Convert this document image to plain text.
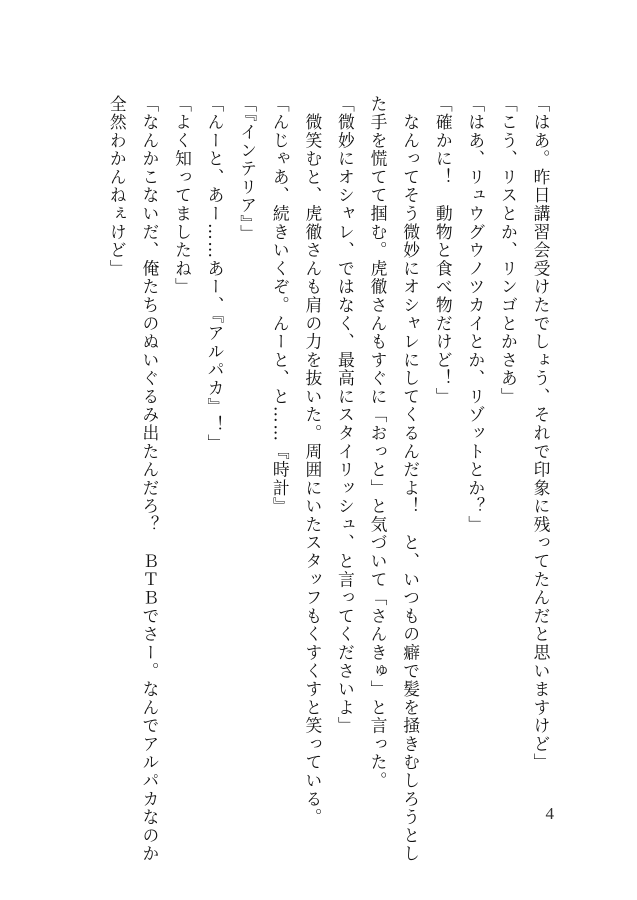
「はあ。昨日講習会受けたでしょう、それで印象に残ってたんだと思いますけど」

「こう、リスとか、リンゴとかさあ」

「はあ、リュウグウノツカイとか、リゾットとか？」

「確かに！　動物と食べ物だけど！」

　なんってそう微妙にオシャレにしてくるんだよ！　と、いつもの癖で髪を掻きむしろうとし

た手を慌てて掴む。虎徹さんもすぐに「おっと」と気づいて「さんきゅ」と言った。

「微妙にオシャレ、ではなく、最高にスタイリッシュ、と言ってくださいよ」

　微笑むと、虎徹さんも肩の力を抜いた。周囲にいたスタッフもくすくすと笑っている。

「んじゃあ、続きいくぞ。んーと、と……『時計』

「『インテリア』」

「んーと、あー……あー、『アルパカ』！」

「よく知ってましたね」

「なんかこないだ、俺たちのぬいぐるみ出たんだろ？　ＢＴＢでさー。なんでアルパカなのか

全然わかんねぇけど」

4
